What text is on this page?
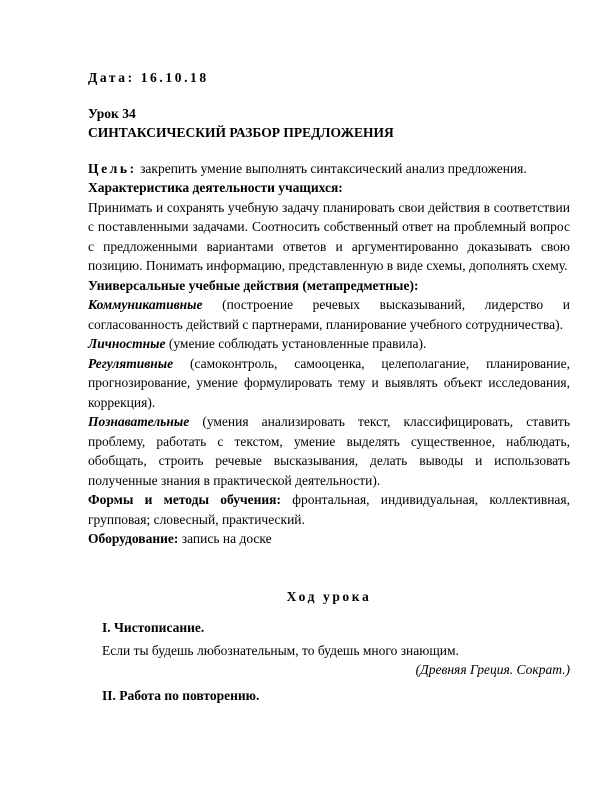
Дата: 16.10.18

Урок 34

СИНТАКСИЧЕСКИЙ РАЗБОР ПРЕДЛОЖЕНИЯ

Цель: закрепить умение выполнять синтаксический анализ предложения.

Характеристика деятельности учащихся:

Принимать и сохранять учебную задачу планировать свои действия в соответствии с поставленными задачами. Соотносить собственный ответ на проблемный вопрос с предложенными вариантами ответов и аргументированно доказывать свою позицию. Понимать информацию, представленную в виде схемы, дополнять схему.

Универсальные учебные действия (метапредметные):

Коммуникативные (построение речевых высказываний, лидерство и согласованность действий с партнерами, планирование учебного сотрудничества).

Личностные (умение соблюдать установленные правила).

Регулятивные (самоконтроль, самооценка, целеполагание, планирование, прогнозирование, умение формулировать тему и выявлять объект исследования, коррекция).

Познавательные (умения анализировать текст, классифицировать, ставить проблему, работать с текстом, умение выделять существенное, наблюдать, обобщать, строить речевые высказывания, делать выводы и использовать полученные знания в практической деятельности).

Формы и методы обучения: фронтальная, индивидуальная, коллективная, групповая; словесный, практический.

Оборудование: запись на доске

Ход урока

I. Чистописание.

Если ты будешь любознательным, то будешь много знающим.

(Древняя Греция. Сократ.)

II. Работа по повторению.
